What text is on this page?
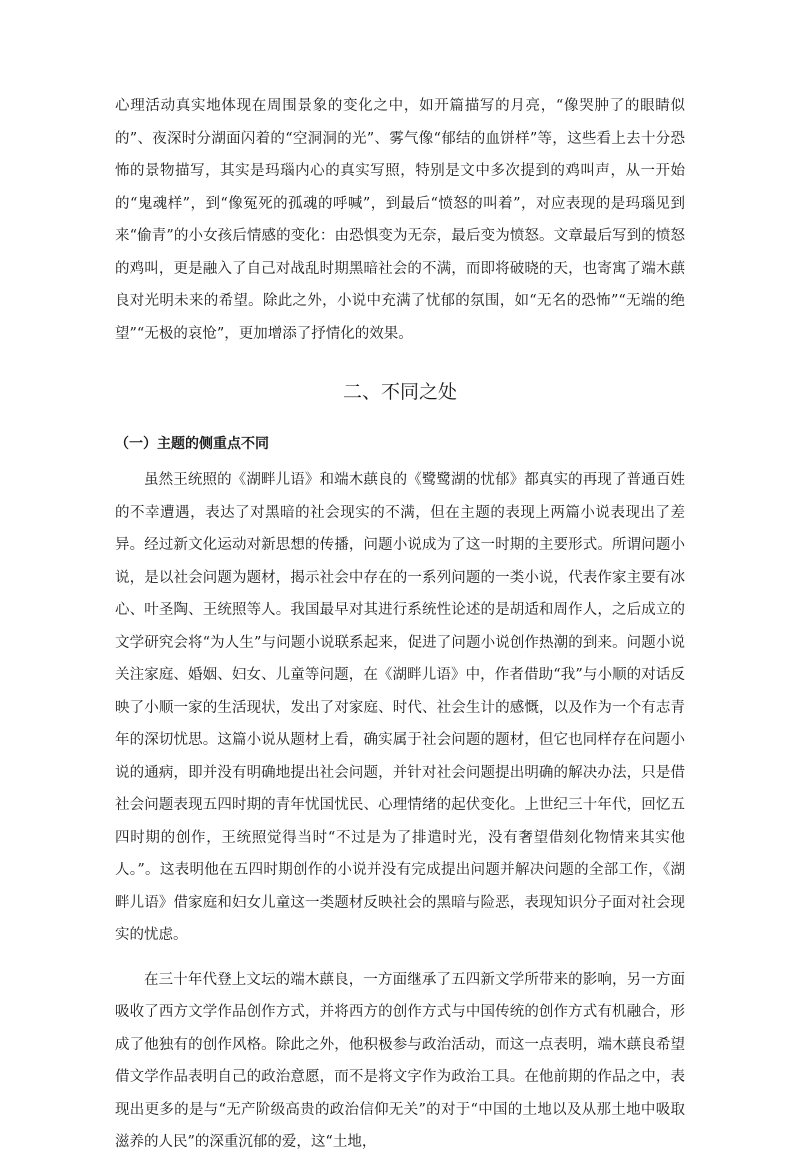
心理活动真实地体现在周围景象的变化之中，如开篇描写的月亮，“像哭肿了的眼睛似的”、夜深时分湖面闪着的“空洞洞的光”、雾气像“郁结的血饼样”等，这些看上去十分恐怖的景物描写，其实是玛瑙内心的真实写照，特别是文中多次提到的鸡叫声，从一开始的“鬼魂样”，到“像冤死的孤魂的呼喊”，到最后“愤怒的叫着”，对应表现的是玛瑙见到来“偷青”的小女孩后情感的变化：由恐惧变为无奈，最后变为愤怒。文章最后写到的愤怒的鸡叫，更是融入了自己对战乱时期黑暗社会的不满，而即将破晓的天，也寄寓了端木蕻良对光明未来的希望。除此之外，小说中充满了忧郁的氛围，如“无名的恐怖”“无端的绝望”“无极的哀怆”，更加增添了抒情化的效果。

二、不同之处
（一）主题的侧重点不同

虽然王统照的《湖畔儿语》和端木蕻良的《鹭鹭湖的忧郁》都真实的再现了普通百姓的不幸遭遇，表达了对黑暗的社会现实的不满，但在主题的表现上两篇小说表现出了差异。经过新文化运动对新思想的传播，问题小说成为了这一时期的主要形式。所谓问题小说，是以社会问题为题材，揭示社会中存在的一系列问题的一类小说，代表作家主要有冰心、叶圣陶、王统照等人。我国最早对其进行系统性论述的是胡适和周作人，之后成立的文学研究会将“为人生”与问题小说联系起来，促进了问题小说创作热潮的到来。问题小说关注家庭、婚姻、妇女、儿童等问题，在《湖畔儿语》中，作者借助“我”与小顺的对话反映了小顺一家的生活现状，发出了对家庭、时代、社会生计的感慨，以及作为一个有志青年的深切忧思。这篇小说从题材上看，确实属于社会问题的题材，但它也同样存在问题小说的通病，即并没有明确地提出社会问题，并针对社会问题提出明确的解决办法，只是借社会问题表现五四时期的青年忧国忧民、心理情绪的起伏变化。上世纪三十年代，回忆五四时期的创作，王统照觉得当时“不过是为了排遣时光，没有奢望借刻化物情来其实他人。”。这表明他在五四时期创作的小说并没有完成提出问题并解决问题的全部工作，《湖畔儿语》借家庭和妇女儿童这一类题材反映社会的黑暗与险恶，表现知识分子面对社会现实的忧虑。

在三十年代登上文坛的端木蕻良，一方面继承了五四新文学所带来的影响，另一方面吸收了西方文学作品创作方式，并将西方的创作方式与中国传统的创作方式有机融合，形成了他独有的创作风格。除此之外，他积极参与政治活动，而这一点表明，端木蕻良希望借文学作品表明自己的政治意愿，而不是将文字作为政治工具。在他前期的作品之中，表现出更多的是与“无产阶级高贵的政治信仰无关”的对于“中国的土地以及从那土地中吸取滋养的人民”的深重沉郁的爱，这“土地，
